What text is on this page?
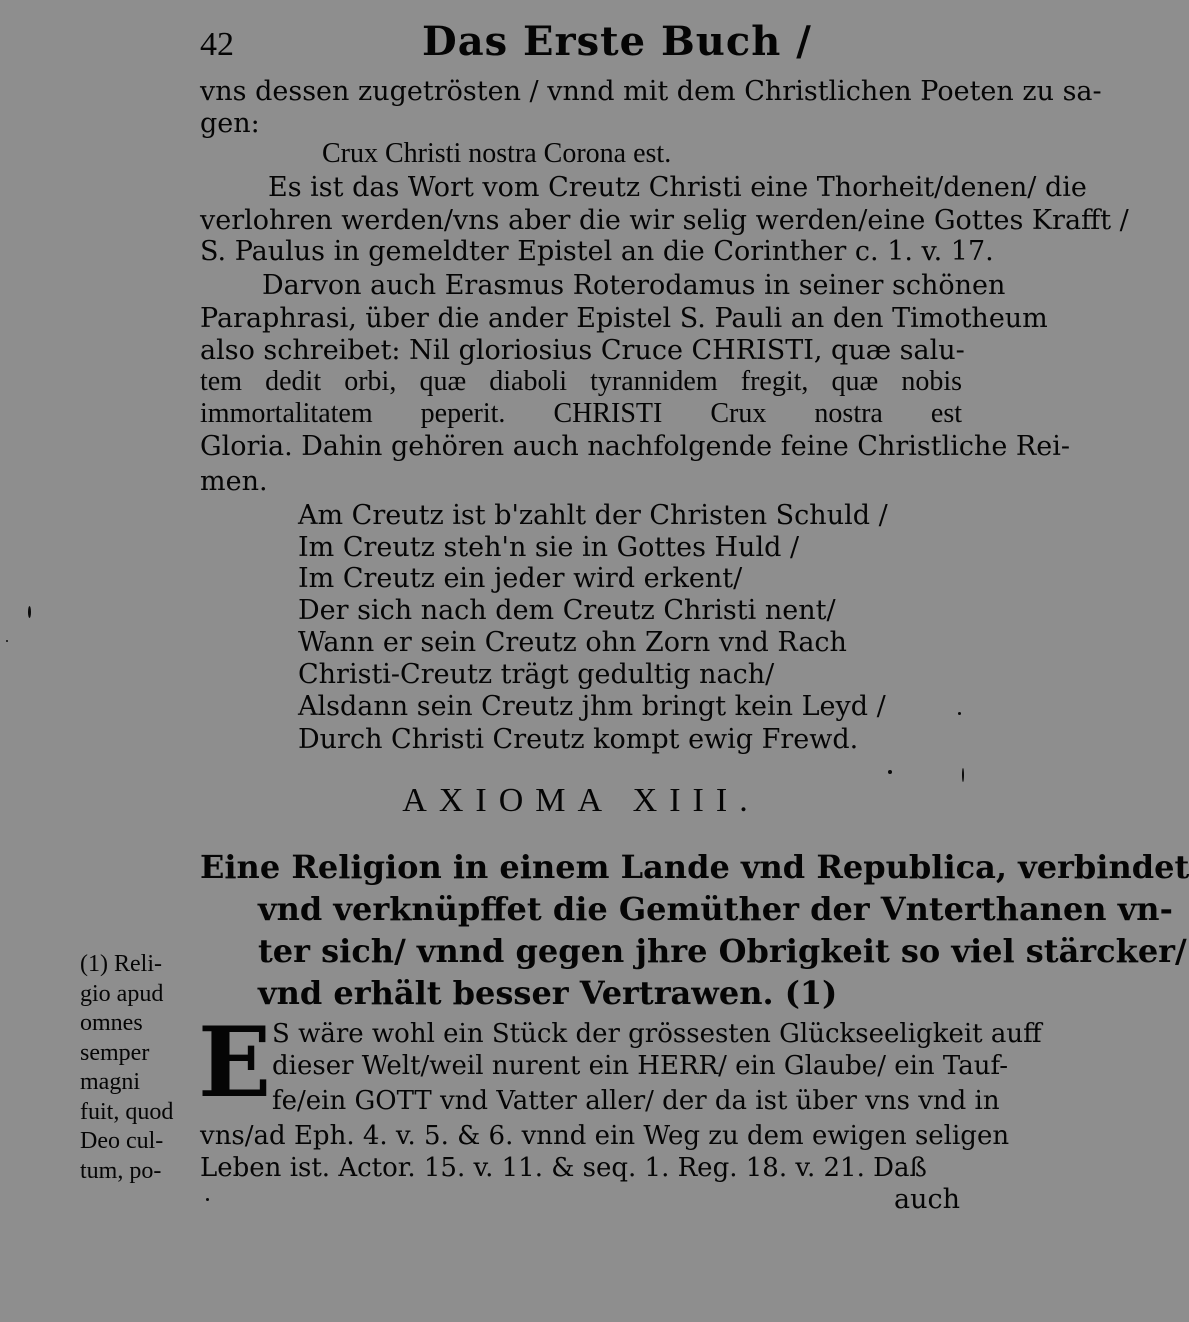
42	Das Erste Buch /
vns dessen zugetrösten / vnnd mit dem Christlichen Poeten zu sa-
gen:
Crux Christi nostra Corona est.
Es ist das Wort vom Creutz Christi eine Thorheit/denen/ die
verlohren werden/vns aber die wir selig werden/eine Gottes Krafft /
S. Paulus in gemeldter Epistel an die Corinther c. 1. v. 17.
Darvon auch Erasmus Roterodamus in seiner schönen
Paraphrasi, über die ander Epistel S. Pauli an den Timotheum
also schreibet: Nil gloriosius Cruce CHRISTI, quæ salu-
tem dedit orbi, quæ diaboli tyrannidem fregit, quæ nobis
immortalitatem peperit. CHRISTI Crux nostra est
Gloria. Dahin gehören auch nachfolgende feine Christliche Rei-
men.
Am Creutz ist b'zahlt der Christen Schuld /
Im Creutz steh'n sie in Gottes Huld /
Im Creutz ein jeder wird erkent/
Der sich nach dem Creutz Christi nent/
Wann er sein Creutz ohn Zorn vnd Rach
Christi-Creutz trägt gedultig nach/
Alsdann sein Creutz jhm bringt kein Leyd /
Durch Christi Creutz kompt ewig Frewd.
AXIOMA XIII.
Eine Religion in einem Lande vnd Republica, verbindet
vnd verknüpffet die Gemüther der Vnterthanen vn-
ter sich/ vnnd gegen jhre Obrigkeit so viel stärcker/
vnd erhält besser Vertrawen. (1)
E S wäre wohl ein Stück der grössesten Glückseeligkeit auff
dieser Welt/weil nurent ein HERR/ ein Glaube/ ein Tauf-
fe/ein GOTT vnd Vatter aller/ der da ist über vns vnd in
vns/ad Eph. 4. v. 5. & 6. vnnd ein Weg zu dem ewigen seligen
Leben ist. Actor. 15. v. 11. & seq. 1. Reg. 18. v. 21. Daß
auch
(1) Reli-
gio apud
omnes
semper
magni
fuit, quod
Deo cul-
tum, po-
